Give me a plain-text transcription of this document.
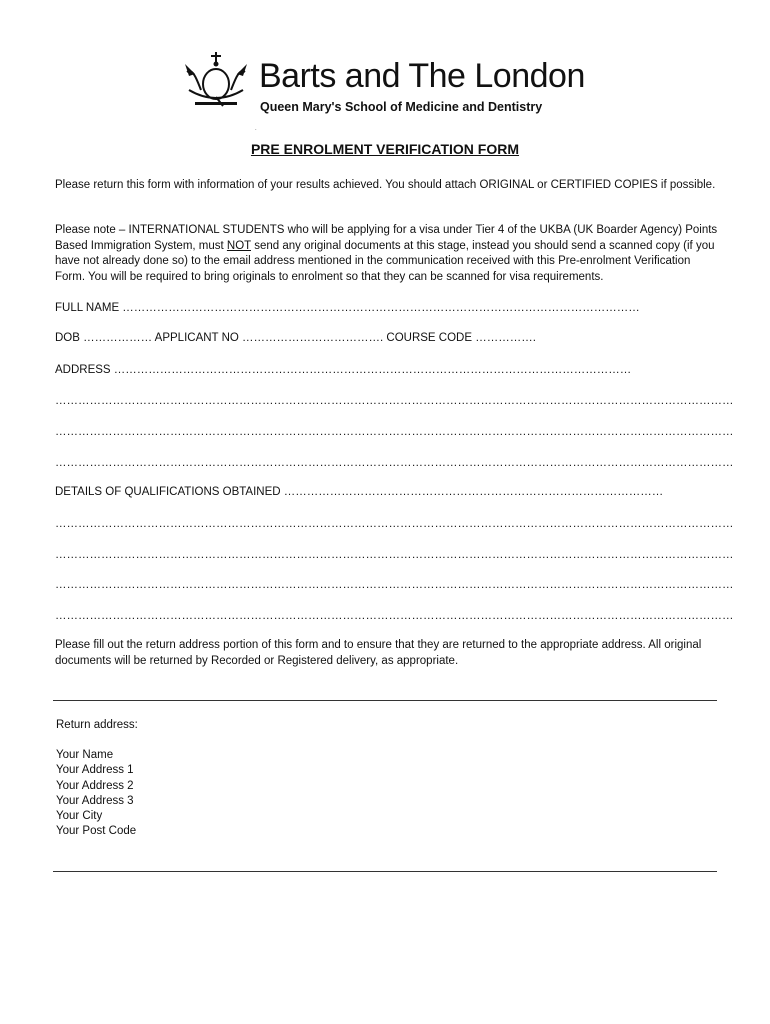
Barts and The London
Queen Mary's School of Medicine and Dentistry
.
PRE ENROLMENT VERIFICATION FORM
Please return this form with information of your results achieved. You should attach ORIGINAL or CERTIFIED COPIES if possible.
Please note – INTERNATIONAL STUDENTS who will be applying for a visa under Tier 4 of the UKBA (UK Boarder Agency) Points Based Immigration System, must NOT send any original documents at this stage, instead you should send a scanned copy (if you have not already done so) to the email address mentioned in the communication received with this Pre-enrolment Verification Form. You will be required to bring originals to enrolment so that they can be scanned for visa requirements.
FULL NAME ………………………………………………………………………………………………………………………
DOB ……………… APPLICANT NO ………………………………. COURSE CODE …………….
ADDRESS ………………………………………………………………………………………………………………………
……………………………………………………………………………………………………………………………………………………………
……………………………………………………………………………………………………………………………………………………………
……………………………………………………………………………………………………………………………………………………………
DETAILS OF QUALIFICATIONS OBTAINED ………………………………………………………………………………………
……………………………………………………………………………………………………………………………………………………………
……………………………………………………………………………………………………………………………………………………………
……………………………………………………………………………………………………………………………………………………………
……………………………………………………………………………………………………………………………………………………………
Please fill out the return address portion of this form and to ensure that they are returned to the appropriate address. All original documents will be returned by Recorded or Registered delivery, as appropriate.
Return address:
Your Name
Your Address 1
Your Address 2
Your Address 3
Your City
Your Post Code
